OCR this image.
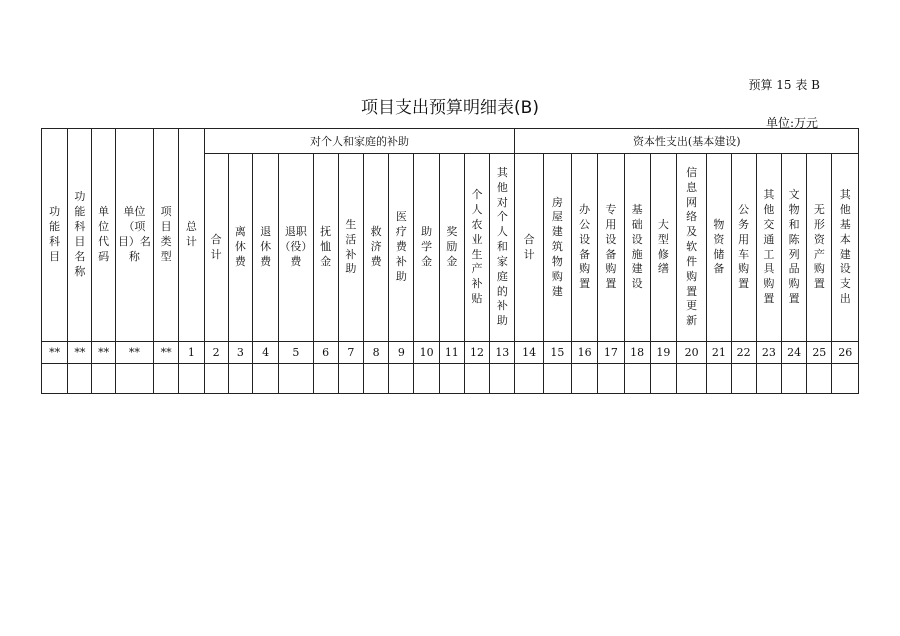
预算 15 表 B
项目支出预算明细表(B)
单位:万元
功能科目	功能科目名称	单位代码	单位（项目）名称	项目类型	总计	对个人和家庭的补助												资本性支出(基本建设)												
						合计	离休费	退休费	退职（役）费	抚恤金	生活补助	救济费	医疗费补助	助学金	奖励金	个人农业生产补贴	其他对个人和家庭的补助	合计	房屋建筑物购建	办公设备购置	专用设备购置	基础设施建设	大型修缮	信息网络及软件购置更新	物资储备	公务用车购置	其他交通工具购置	文物和陈列品购置	无形资产购置	其他基本建设支出
**	**	**	**	**	1	2	3	4	5	6	7	8	9	10	11	12	13	14	15	16	17	18	19	20	21	22	23	24	25	26
